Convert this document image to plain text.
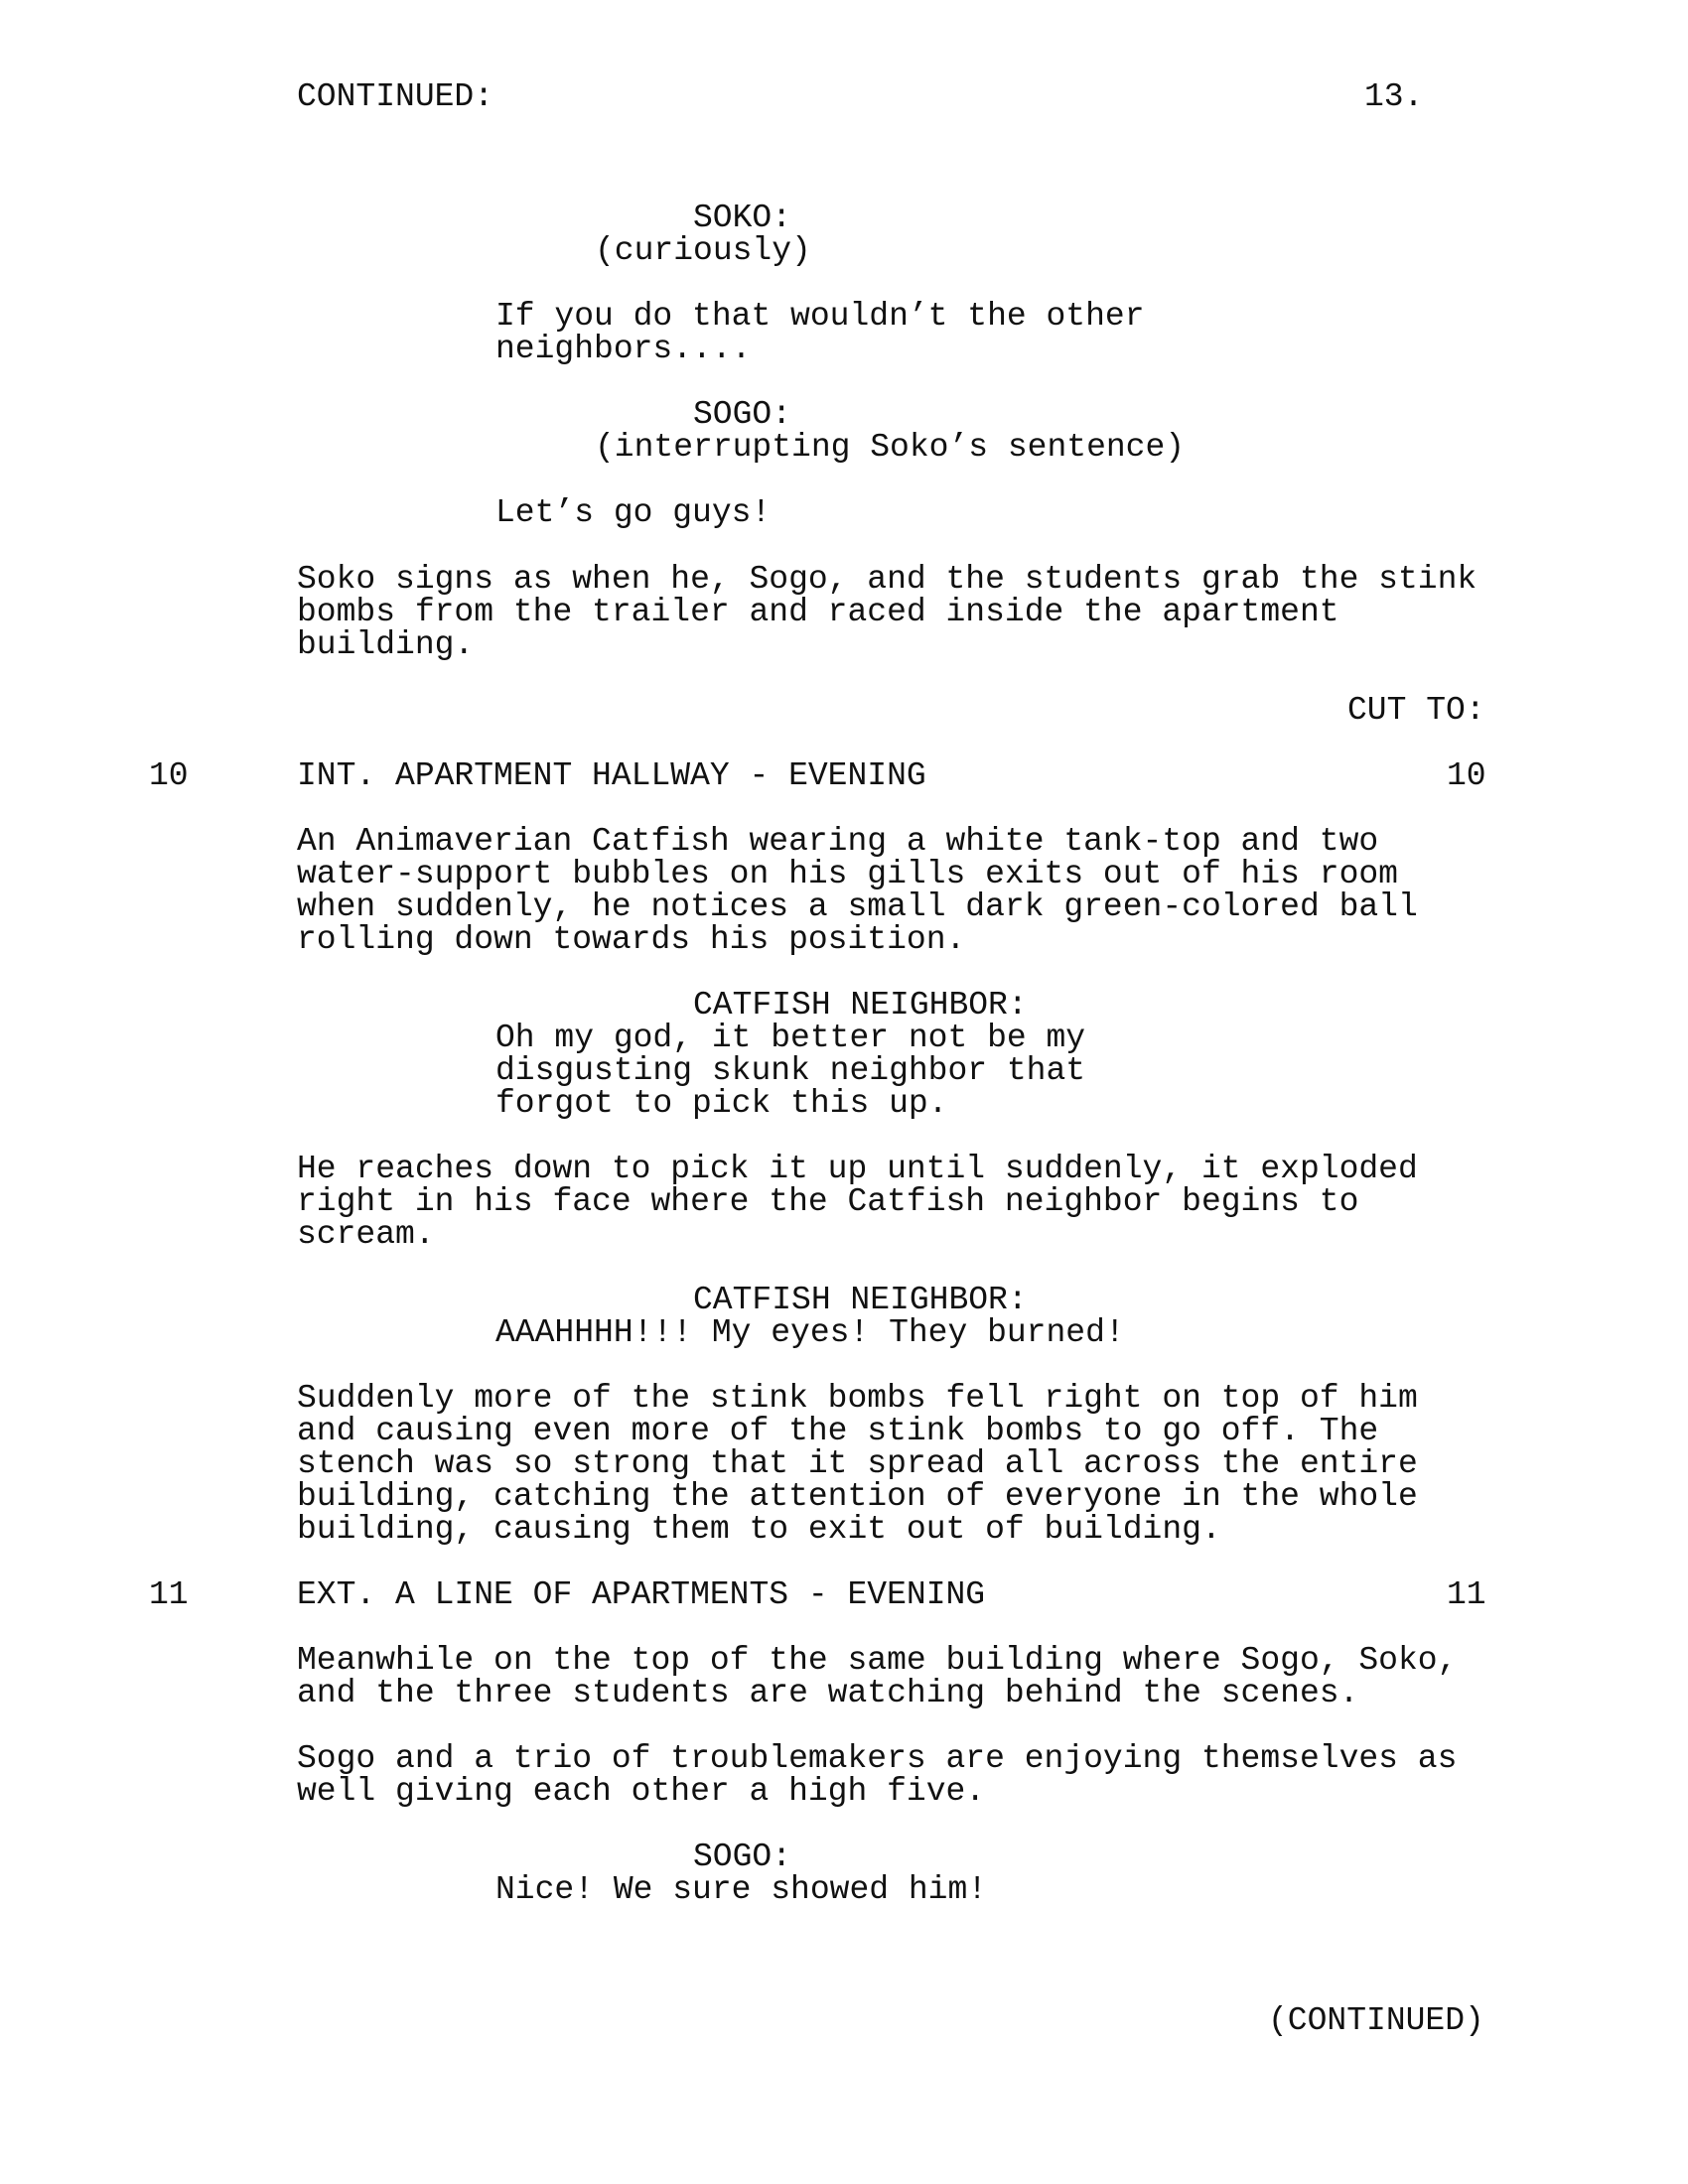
CONTINUED:	13.
SOKO:
(curiously)
If you do that wouldn’t the other
neighbors....
SOGO:
(interrupting Soko’s sentence)
Let’s go guys!
Soko signs as when he, Sogo, and the students grab the stink
bombs from the trailer and raced inside the apartment
building.
CUT TO:
10	INT. APARTMENT HALLWAY - EVENING	10
An Animaverian Catfish wearing a white tank-top and two
water-support bubbles on his gills exits out of his room
when suddenly, he notices a small dark green-colored ball
rolling down towards his position.
CATFISH NEIGHBOR:
Oh my god, it better not be my
disgusting skunk neighbor that
forgot to pick this up.
He reaches down to pick it up until suddenly, it exploded
right in his face where the Catfish neighbor begins to
scream.
CATFISH NEIGHBOR:
AAAHHHH!!! My eyes! They burned!
Suddenly more of the stink bombs fell right on top of him
and causing even more of the stink bombs to go off. The
stench was so strong that it spread all across the entire
building, catching the attention of everyone in the whole
building, causing them to exit out of building.
11	EXT. A LINE OF APARTMENTS - EVENING	11
Meanwhile on the top of the same building where Sogo, Soko,
and the three students are watching behind the scenes.
Sogo and a trio of troublemakers are enjoying themselves as
well giving each other a high five.
SOGO:
Nice! We sure showed him!
(CONTINUED)
